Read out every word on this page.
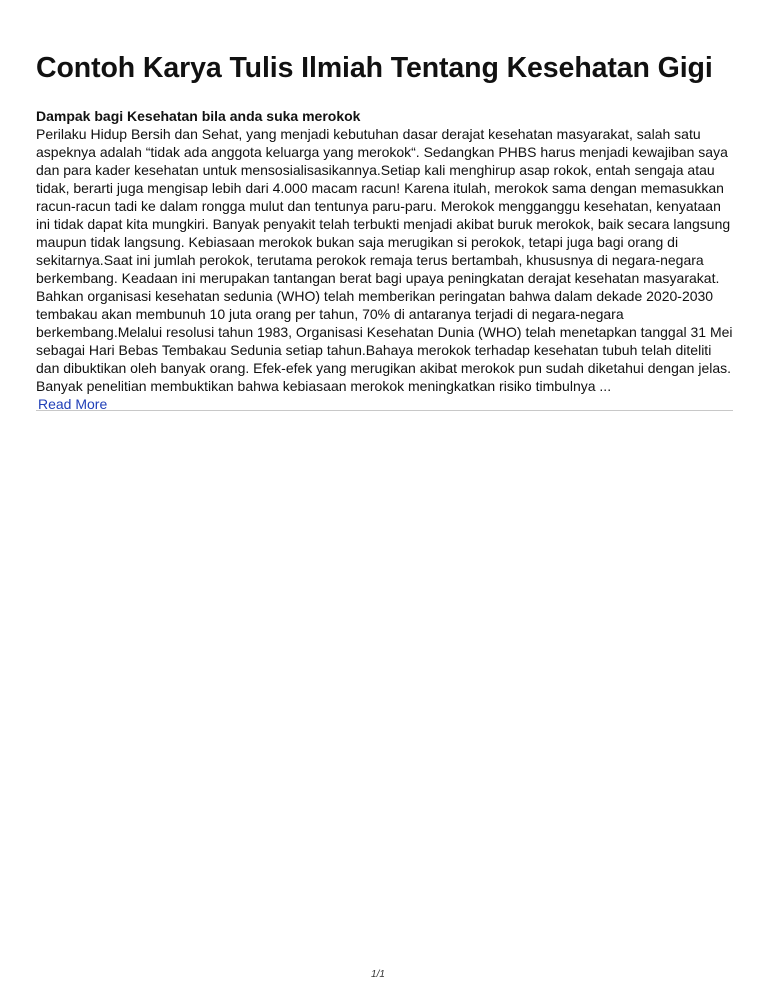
Contoh Karya Tulis Ilmiah Tentang Kesehatan Gigi
Dampak bagi Kesehatan bila anda suka merokok
Perilaku Hidup Bersih dan Sehat, yang menjadi kebutuhan dasar derajat kesehatan masyarakat, salah satu
aspeknya adalah “tidak ada anggota keluarga yang merokok“. Sedangkan PHBS harus menjadi kewajiban saya
dan para kader kesehatan untuk mensosialisasikannya.Setiap kali menghirup asap rokok, entah sengaja atau
tidak, berarti juga mengisap lebih dari 4.000 macam racun! Karena itulah, merokok sama dengan memasukkan
racun-racun tadi ke dalam rongga mulut dan tentunya paru-paru. Merokok mengganggu kesehatan, kenyataan
ini tidak dapat kita mungkiri. Banyak penyakit telah terbukti menjadi akibat buruk merokok, baik secara langsung
maupun tidak langsung. Kebiasaan merokok bukan saja merugikan si perokok, tetapi juga bagi orang di
sekitarnya.Saat ini jumlah perokok, terutama perokok remaja terus bertambah, khususnya di negara-negara
berkembang. Keadaan ini merupakan tantangan berat bagi upaya peningkatan derajat kesehatan masyarakat.
Bahkan organisasi kesehatan sedunia (WHO) telah memberikan peringatan bahwa dalam dekade 2020-2030
tembakau akan membunuh 10 juta orang per tahun, 70% di antaranya terjadi di negara-negara
berkembang.Melalui resolusi tahun 1983, Organisasi Kesehatan Dunia (WHO) telah menetapkan tanggal 31 Mei
sebagai Hari Bebas Tembakau Sedunia setiap tahun.Bahaya merokok terhadap kesehatan tubuh telah diteliti
dan dibuktikan oleh banyak orang. Efek-efek yang merugikan akibat merokok pun sudah diketahui dengan jelas.
Banyak penelitian membuktikan bahwa kebiasaan merokok meningkatkan risiko timbulnya ...
Read More
1/1
